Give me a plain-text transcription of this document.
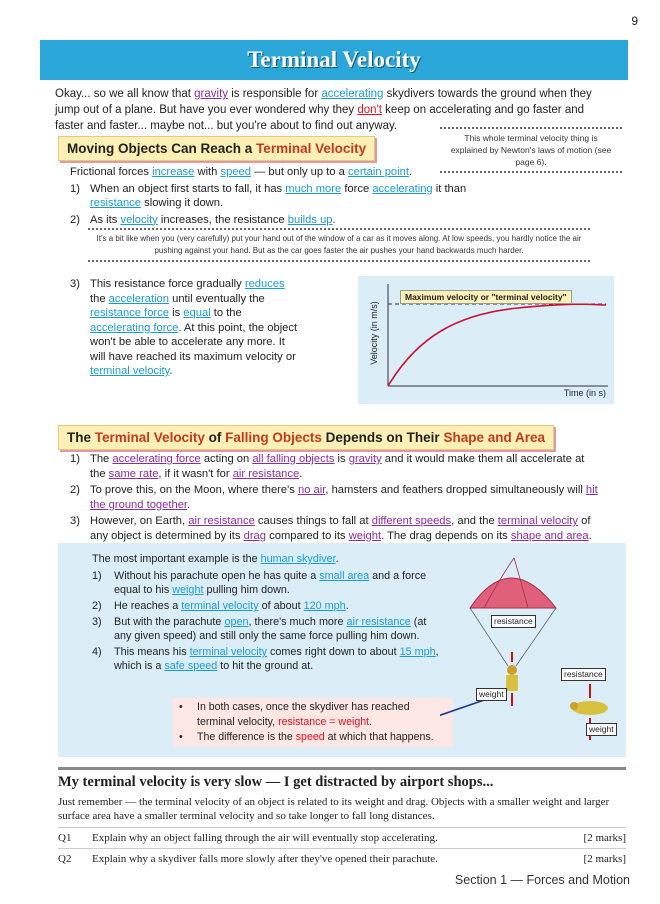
9
Terminal Velocity
Okay... so we all know that gravity is responsible for accelerating skydivers towards the ground when they jump out of a plane. But have you ever wondered why they don't keep on accelerating and go faster and faster and faster... maybe not... but you're about to find out anyway.
Moving Objects Can Reach a Terminal Velocity
This whole terminal velocity thing is explained by Newton's laws of motion (see page 6).
Frictional forces increase with speed — but only up to a certain point.
1) When an object first starts to fall, it has much more force accelerating it than resistance slowing it down.
2) As its velocity increases, the resistance builds up.
It's a bit like when you (very carefully) put your hand out of the window of a car as it moves along. At low speeds, you hardly notice the air pushing against your hand. But as the car goes faster the air pushes your hand backwards much harder.
3) This resistance force gradually reduces the acceleration until eventually the resistance force is equal to the accelerating force. At this point, the object won't be able to accelerate any more. It will have reached its maximum velocity or terminal velocity.
Maximum velocity or "terminal velocity"
Velocity (in m/s)
Time (in s)
The Terminal Velocity of Falling Objects Depends on Their Shape and Area
1) The accelerating force acting on all falling objects is gravity and it would make them all accelerate at the same rate, if it wasn't for air resistance.
2) To prove this, on the Moon, where there's no air, hamsters and feathers dropped simultaneously will hit the ground together.
3) However, on Earth, air resistance causes things to fall at different speeds, and the terminal velocity of any object is determined by its drag compared to its weight. The drag depends on its shape and area.
The most important example is the human skydiver.
1)	Without his parachute open he has quite a small area and a force equal to his weight pulling him down.
2)	He reaches a terminal velocity of about 120 mph.
3)	But with the parachute open, there's much more air resistance (at any given speed) and still only the same force pulling him down.
4)	This means his terminal velocity comes right down to about 15 mph, which is a safe speed to hit the ground at.
•	In both cases, once the skydiver has reached terminal velocity, resistance = weight.
•	The difference is the speed at which that happens.
resistance
weight
resistance
weight
My terminal velocity is very slow — I get distracted by airport shops...
Just remember — the terminal velocity of an object is related to its weight and drag. Objects with a smaller weight and larger surface area have a smaller terminal velocity and so take longer to fall long distances.
Q1	Explain why an object falling through the air will eventually stop accelerating.	[2 marks]
Q2	Explain why a skydiver falls more slowly after they've opened their parachute.	[2 marks]
Section 1 — Forces and Motion
